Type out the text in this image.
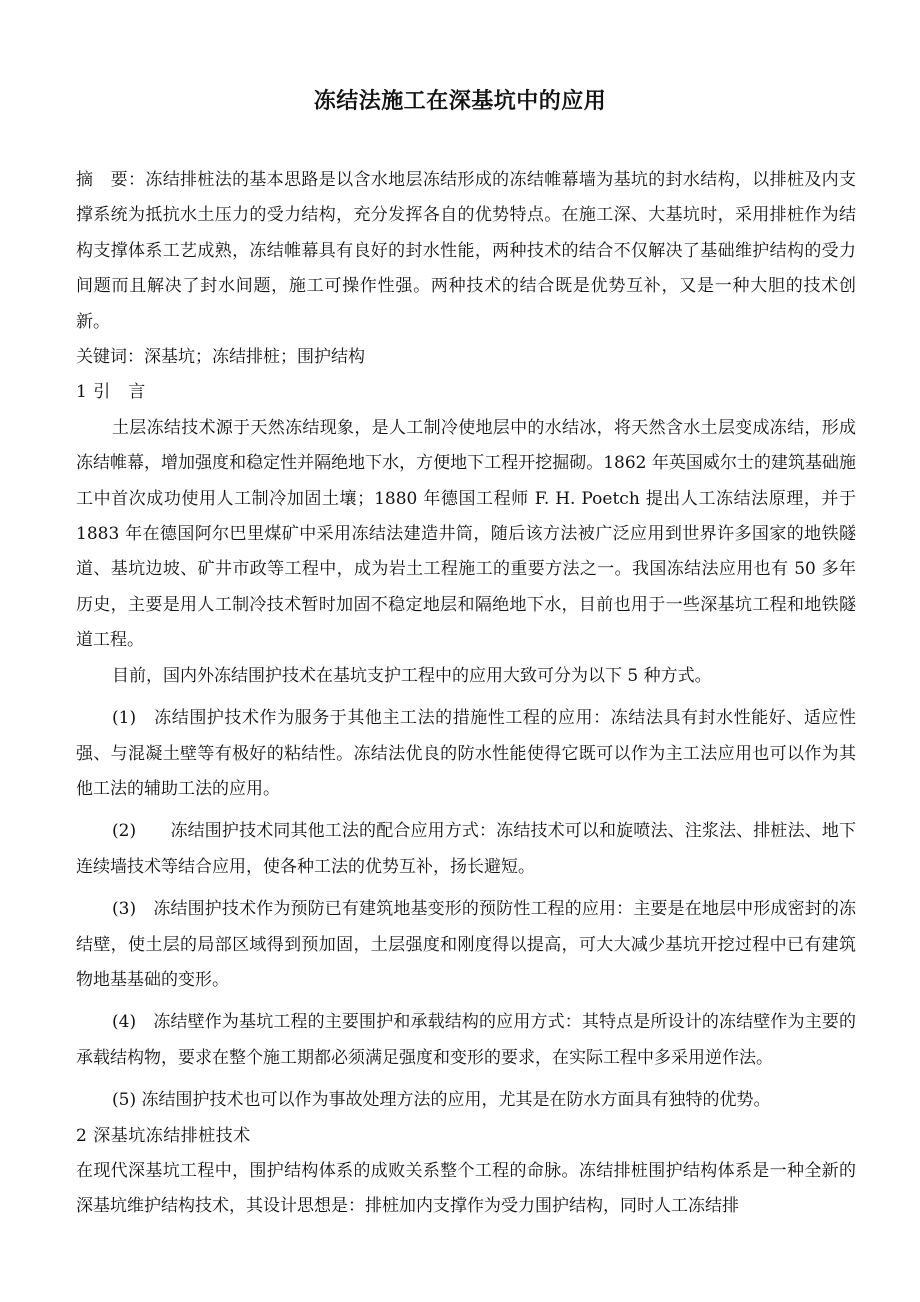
冻结法施工在深基坑中的应用

摘　要：冻结排桩法的基本思路是以含水地层冻结形成的冻结帷幕墙为基坑的封水结构，以排桩及内支撑系统为抵抗水土压力的受力结构，充分发挥各自的优势特点。在施工深、大基坑时，采用排桩作为结构支撑体系工艺成熟，冻结帷幕具有良好的封水性能，两种技术的结合不仅解决了基础维护结构的受力间题而且解决了封水间题，施工可操作性强。两种技术的结合既是优势互补，又是一种大胆的技术创新。

关键词：深基坑；冻结排桩；围护结构

1 引　言

土层冻结技术源于天然冻结现象，是人工制冷使地层中的水结冰，将天然含水土层变成冻结，形成冻结帷幕，增加强度和稳定性并隔绝地下水，方便地下工程开挖掘砌。1862 年英国威尔士的建筑基础施工中首次成功使用人工制冷加固土壤；1880 年德国工程师 F. H. Poetch 提出人工冻结法原理，并于 1883 年在德国阿尔巴里煤矿中采用冻结法建造井筒，随后该方法被广泛应用到世界许多国家的地铁隧道、基坑边坡、矿井市政等工程中，成为岩土工程施工的重要方法之一。我国冻结法应用也有 50 多年历史，主要是用人工制冷技术暂时加固不稳定地层和隔绝地下水，目前也用于一些深基坑工程和地铁隧道工程。

目前，国内外冻结围护技术在基坑支护工程中的应用大致可分为以下 5 种方式。

(1)　冻结围护技术作为服务于其他主工法的措施性工程的应用：冻结法具有封水性能好、适应性强、与混凝土壁等有极好的粘结性。冻结法优良的防水性能使得它既可以作为主工法应用也可以作为其他工法的辅助工法的应用。

(2)　　冻结围护技术同其他工法的配合应用方式：冻结技术可以和旋喷法、注浆法、排桩法、地下连续墙技术等结合应用，使各种工法的优势互补，扬长避短。

(3)　冻结围护技术作为预防已有建筑地基变形的预防性工程的应用：主要是在地层中形成密封的冻结壁，使土层的局部区域得到预加固，土层强度和刚度得以提高，可大大减少基坑开挖过程中已有建筑物地基基础的变形。

(4)　冻结壁作为基坑工程的主要围护和承载结构的应用方式：其特点是所设计的冻结壁作为主要的承载结构物，要求在整个施工期都必须满足强度和变形的要求，在实际工程中多采用逆作法。

(5) 冻结围护技术也可以作为事故处理方法的应用，尤其是在防水方面具有独特的优势。

2 深基坑冻结排桩技术

在现代深基坑工程中，围护结构体系的成败关系整个工程的命脉。冻结排桩围护结构体系是一种全新的深基坑维护结构技术，其设计思想是：排桩加内支撑作为受力围护结构，同时人工冻结排
